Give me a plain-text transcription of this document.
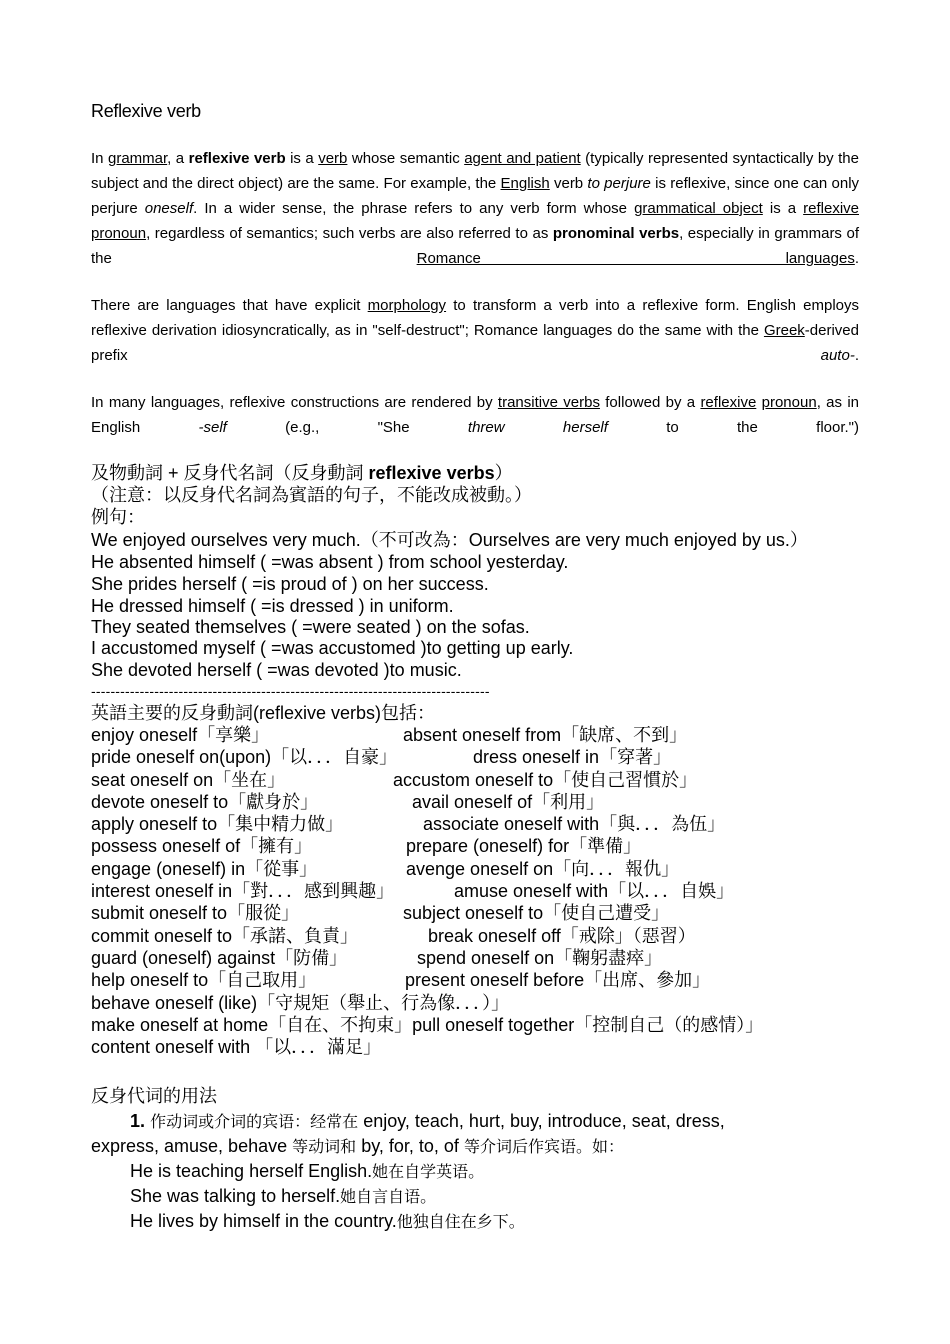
Reflexive verb

In grammar, a reflexive verb is a verb whose semantic agent and patient (typically represented syntactically by the subject and the direct object) are the same. For example, the English verb to perjure is reflexive, since one can only perjure oneself. In a wider sense, the phrase refers to any verb form whose grammatical object is a reflexive pronoun, regardless of semantics; such verbs are also referred to as pronominal verbs, especially in grammars of the Romance languages.

There are languages that have explicit morphology to transform a verb into a reflexive form. English employs reflexive derivation idiosyncratically, as in "self-destruct"; Romance languages do the same with the Greek-derived prefix auto-.

In many languages, reflexive constructions are rendered by transitive verbs followed by a reflexive pronoun, as in English -self (e.g., "She threw herself to the floor.")

及物動詞 + 反身代名詞（反身動詞 reflexive verbs）
（注意：以反身代名詞為賓語的句子，不能改成被動。）
例句：
We enjoyed ourselves very much.（不可改為：Ourselves are very much enjoyed by us.）
He absented himself ( =was absent ) from school yesterday.
She prides herself ( =is proud of ) on her success.
He dressed himself ( =is dressed ) in uniform.
They seated themselves ( =were seated ) on the sofas.
I accustomed myself ( =was accustomed )to getting up early.
She devoted herself ( =was devoted )to music.
----------------------------------------------------------------------------------
英語主要的反身動詞(reflexive verbs)包括：
enjoy oneself「享樂」	absent oneself from「缺席、不到」
pride oneself on(upon)「以．．．自豪」	dress oneself in「穿著」
seat oneself on「坐在」	accustom oneself to「使自己習慣於」
devote oneself to「獻身於」	avail oneself of「利用」
apply oneself to「集中精力做」	associate oneself with「與．．．為伍」
possess oneself of「擁有」	prepare (oneself) for「準備」
engage (oneself) in「從事」	avenge oneself on「向．．．報仇」
interest oneself in「對．．．感到興趣」	amuse oneself with「以．．．自娛」
submit oneself to「服從」	subject oneself to「使自己遭受」
commit oneself to「承諾、負責」	break oneself off「戒除」（惡習）
guard (oneself) against「防備」	spend oneself on「鞠躬盡瘁」
help oneself to「自己取用」	present oneself before「出席、參加」
behave oneself (like)「守規矩（舉止、行為像．．．）」
make oneself at home「自在、不拘束」pull oneself together「控制自己（的感情）」
content oneself with 「以．．．滿足」
反身代词的用法
1. 作动词或介词的宾语：经常在 enjoy, teach, hurt, buy, introduce, seat, dress,
express, amuse, behave 等动词和 by, for, to, of 等介词后作宾语。如：
He is teaching herself English.她在自学英语。
She was talking to herself.她自言自语。
He lives by himself in the country.他独自住在乡下。
